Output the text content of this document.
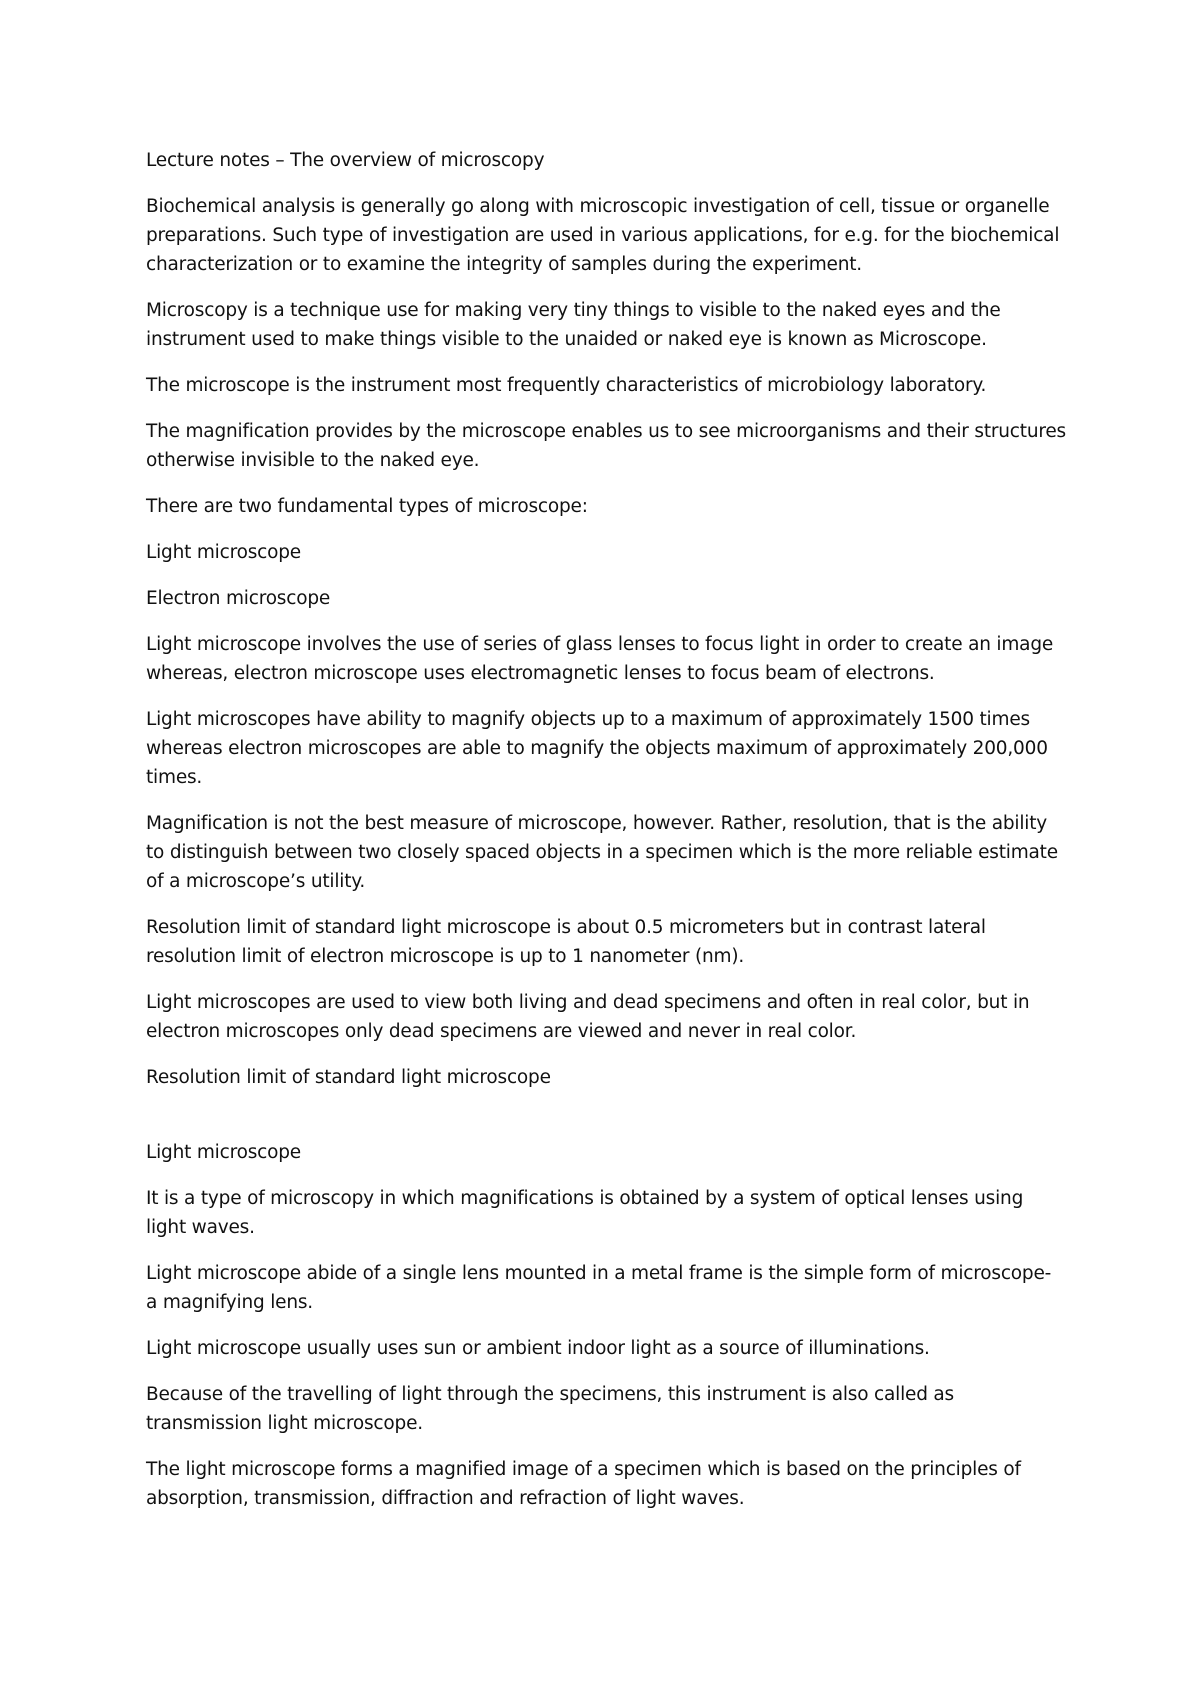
Lecture notes – The overview of microscopy

Biochemical analysis is generally go along with microscopic investigation of cell, tissue or organelle preparations. Such type of investigation are used in various applications, for e.g. for the biochemical characterization or to examine the integrity of samples during the experiment.

Microscopy is a technique use for making very tiny things to visible to the naked eyes and the instrument used to make things visible to the unaided or naked eye is known as Microscope.

The microscope is the instrument most frequently characteristics of microbiology laboratory.

The magnification provides by the microscope enables us to see microorganisms and their structures otherwise invisible to the naked eye.

There are two fundamental types of microscope:

Light microscope

Electron microscope

Light microscope involves the use of series of glass lenses to focus light in order to create an image whereas, electron microscope uses electromagnetic lenses to focus beam of electrons.

Light microscopes have ability to magnify objects up to a maximum of approximately 1500 times whereas electron microscopes are able to magnify the objects maximum of approximately 200,000 times.

Magnification is not the best measure of microscope, however. Rather, resolution, that is the ability to distinguish between two closely spaced objects in a specimen which is the more reliable estimate of a microscope’s utility.

Resolution limit of standard light microscope is about 0.5 micrometers but in contrast lateral resolution limit of electron microscope is up to 1 nanometer (nm).

Light microscopes are used to view both living and dead specimens and often in real color, but in electron microscopes only dead specimens are viewed and never in real color.

Resolution limit of standard light microscope

Light microscope

It is a type of microscopy in which magnifications is obtained by a system of optical lenses using light waves.

Light microscope abide of a single lens mounted in a metal frame is the simple form of microscope- a magnifying lens.

Light microscope usually uses sun or ambient indoor light as a source of illuminations.

Because of the travelling of light through the specimens, this instrument is also called as transmission light microscope.

The light microscope forms a magnified image of a specimen which is based on the principles of absorption, transmission, diffraction and refraction of light waves.
